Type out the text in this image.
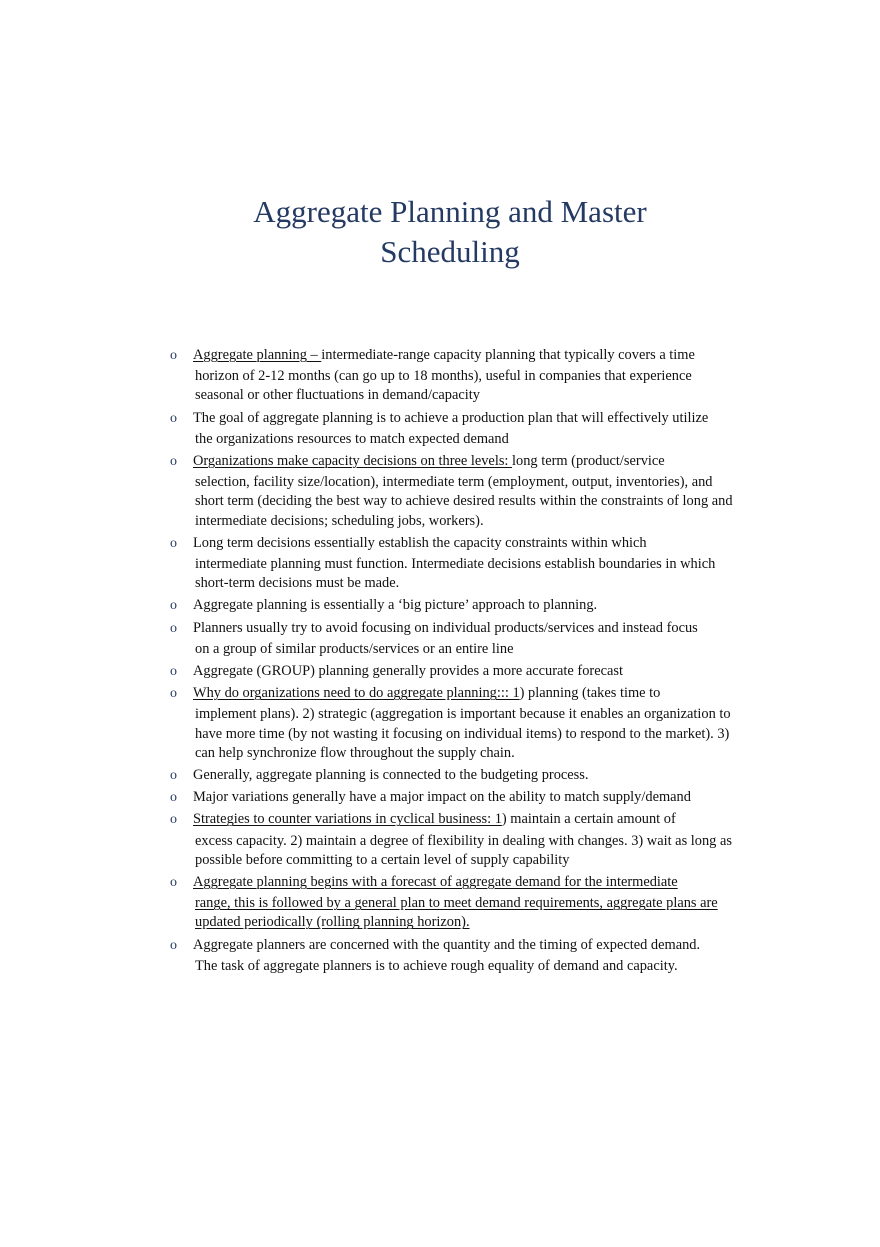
Aggregate Planning and Master
Scheduling
o Aggregate planning – intermediate-range capacity planning that typically covers a time
horizon of 2-12 months (can go up to 18 months), useful in companies that experience seasonal or other fluctuations in demand/capacity
o The goal of aggregate planning is to achieve a production plan that will effectively utilize
the organizations resources to match expected demand
o Organizations make capacity decisions on three levels: long term (product/service
selection, facility size/location), intermediate term (employment, output, inventories), and short term (deciding the best way to achieve desired results within the constraints of long and intermediate decisions; scheduling jobs, workers).
o Long term decisions essentially establish the capacity constraints within which
intermediate planning must function. Intermediate decisions establish boundaries in which short-term decisions must be made.
o Aggregate planning is essentially a ‘big picture’ approach to planning.
o Planners usually try to avoid focusing on individual products/services and instead focus
on a group of similar products/services or an entire line
o Aggregate (GROUP) planning generally provides a more accurate forecast
o Why do organizations need to do aggregate planning::: 1) planning (takes time to
implement plans). 2) strategic (aggregation is important because it enables an organization to have more time (by not wasting it focusing on individual items) to respond to the market). 3) can help synchronize flow throughout the supply chain.
o Generally, aggregate planning is connected to the budgeting process.
o Major variations generally have a major impact on the ability to match supply/demand
o Strategies to counter variations in cyclical business: 1) maintain a certain amount of
excess capacity. 2) maintain a degree of flexibility in dealing with changes. 3) wait as long as possible before committing to a certain level of supply capability
o Aggregate planning begins with a forecast of aggregate demand for the intermediate
range, this is followed by a general plan to meet demand requirements, aggregate plans are updated periodically (rolling planning horizon).
o Aggregate planners are concerned with the quantity and the timing of expected demand.
The task of aggregate planners is to achieve rough equality of demand and capacity.
